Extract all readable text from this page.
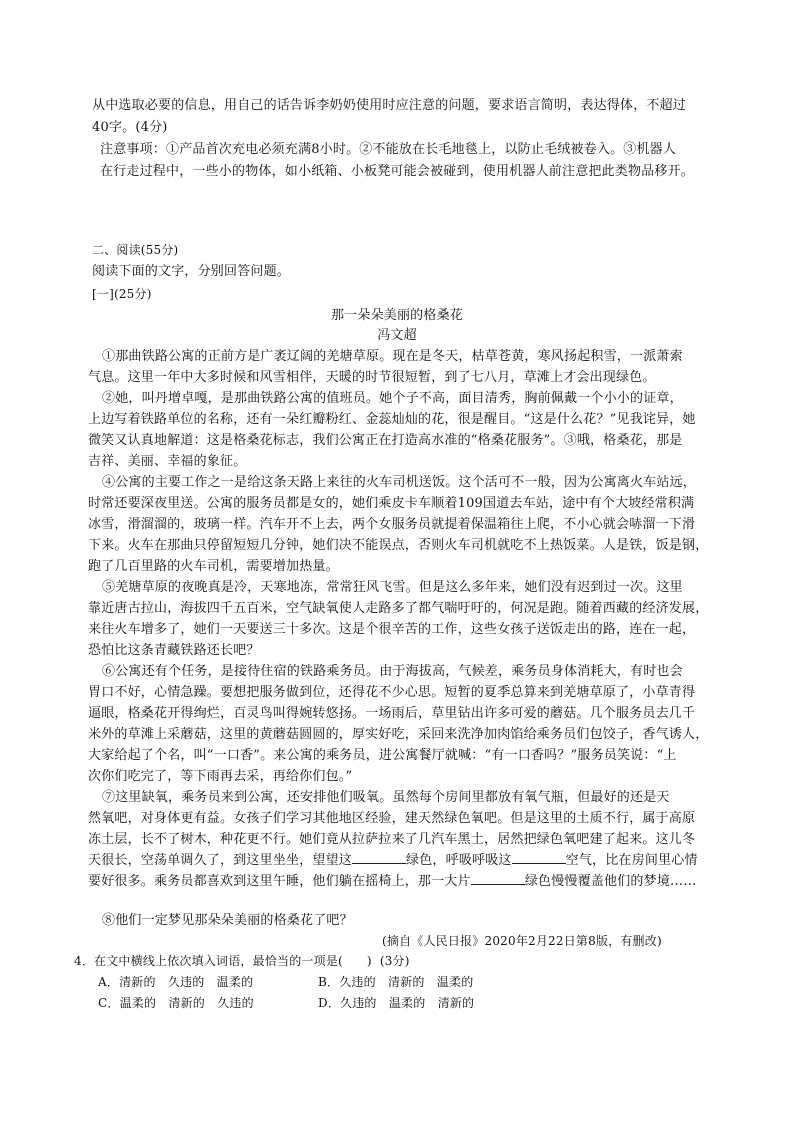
从中选取必要的信息，用自己的话告诉李奶奶使用时应注意的问题，要求语言简明，表达得体，不超过
40字。(4分)
注意事项：①产品首次充电必须充满8小时。②不能放在长毛地毯上，以防止毛绒被卷入。③机器人
在行走过程中，一些小的物体，如小纸箱、小板凳可能会被碰到，使用机器人前注意把此类物品移开。
二、阅读(55分)
阅读下面的文字，分别回答问题。
[一](25分)
那一朵朵美丽的格桑花
冯文超
①那曲铁路公寓的正前方是广袤辽阔的羌塘草原。现在是冬天，枯草苍黄，寒风扬起积雪，一派萧索
气息。这里一年中大多时候和风雪相伴，天暖的时节很短暂，到了七八月，草滩上才会出现绿色。
②她，叫丹增卓嘎，是那曲铁路公寓的值班员。她个子不高，面目清秀，胸前佩戴一个小小的证章，
上边写着铁路单位的名称，还有一朵红瓣粉红、金蕊灿灿的花，很是醒目。“这是什么花？”见我诧异，她
微笑又认真地解道：这是格桑花标志，我们公寓正在打造高水准的“格桑花服务”。③哦，格桑花，那是
吉祥、美丽、幸福的象征。
④公寓的主要工作之一是给这条天路上来往的火车司机送饭。这个活可不一般，因为公寓离火车站远，
时常还要深夜里送。公寓的服务员都是女的，她们乘皮卡车顺着109国道去车站，途中有个大坡经常积满
冰雪，滑溜溜的，玻璃一样。汽车开不上去，两个女服务员就提着保温箱往上爬，不小心就会哧溜一下滑
下来。火车在那曲只停留短短几分钟，她们决不能误点，否则火车司机就吃不上热饭菜。人是铁，饭是钢，
跑了几百里路的火车司机，需要增加热量。
⑤羌塘草原的夜晚真是冷，天寒地冻，常常狂风飞雪。但是这么多年来，她们没有迟到过一次。这里
靠近唐古拉山，海拔四千五百米，空气缺氧使人走路多了都气喘吁吁的，何况是跑。随着西藏的经济发展，
来往火车增多了，她们一天要送三十多次。这是个很辛苦的工作，这些女孩子送饭走出的路，连在一起，
恐怕比这条青藏铁路还长吧？
⑥公寓还有个任务，是接待住宿的铁路乘务员。由于海拔高，气候差，乘务员身体消耗大，有时也会
胃口不好，心情急躁。要想把服务做到位，还得花不少心思。短暂的夏季总算来到羌塘草原了，小草青得
逼眼，格桑花开得绚烂，百灵鸟叫得婉转悠扬。一场雨后，草里钻出许多可爱的蘑菇。几个服务员去几千
米外的草滩上采蘑菇，这里的黄蘑菇圆圆的，厚实好吃，采回来洗净加肉馅给乘务员们包饺子，香气诱人，
大家给起了个名，叫“一口香”。来公寓的乘务员，进公寓餐厅就喊：“有一口香吗？”服务员笑说：“上
次你们吃完了，等下雨再去采，再给你们包。”
⑦这里缺氧，乘务员来到公寓，还安排他们吸氧。虽然每个房间里都放有氧气瓶，但最好的还是天
然氧吧，对身体更有益。女孩子们学习其他地区经验，建天然绿色氧吧。但是这里的土质不行，属于高原
冻土层，长不了树木，种花更不行。她们竟从拉萨拉来了几汽车黑土，居然把绿色氧吧建了起来。这儿冬
天很长，空荡单调久了，到这里坐坐，望望这	绿色，呼吸呼吸这	空气，比在房间里心情
要好很多。乘务员都喜欢到这里午睡，他们躺在摇椅上，那一大片	绿色慢慢覆盖他们的梦境……
⑧他们一定梦见那朵朵美丽的格桑花了吧？
(摘自《人民日报》2020年2月22日第8版，有删改)
4．在文中横线上依次填入词语，最恰当的一项是( ) (3分)
A．清新的　久违的　温柔的	B．久违的　清新的　温柔的
C．温柔的　清新的　久违的	D．久违的　温柔的　清新的
